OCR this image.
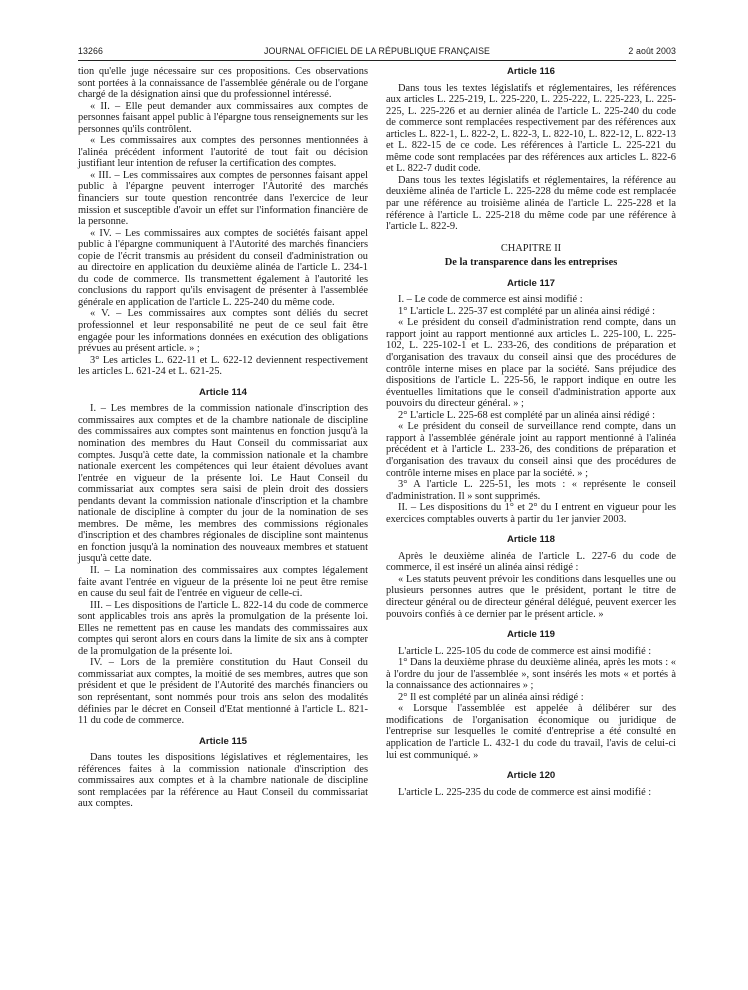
JOURNAL OFFICIEL DE LA RÉPUBLIQUE FRANÇAISE
13266	2 août 2003

tion qu'elle juge nécessaire sur ces propositions. Ces observations sont portées à la connaissance de l'assemblée générale ou de l'organe chargé de la désignation ainsi que du professionnel intéressé.

« II. – Elle peut demander aux commissaires aux comptes de personnes faisant appel public à l'épargne tous renseignements sur les personnes qu'ils contrôlent.

« Les commissaires aux comptes des personnes mentionnées à l'alinéa précédent informent l'autorité de tout fait ou décision justifiant leur intention de refuser la certification des comptes.

« III. – Les commissaires aux comptes de personnes faisant appel public à l'épargne peuvent interroger l'Autorité des marchés financiers sur toute question rencontrée dans l'exercice de leur mission et susceptible d'avoir un effet sur l'information financière de la personne.

« IV. – Les commissaires aux comptes de sociétés faisant appel public à l'épargne communiquent à l'Autorité des marchés financiers copie de l'écrit transmis au président du conseil d'administration ou au directoire en application du deuxième alinéa de l'article L. 234-1 du code de commerce. Ils transmettent également à l'autorité les conclusions du rapport qu'ils envisagent de présenter à l'assemblée générale en application de l'article L. 225-240 du même code.

« V. – Les commissaires aux comptes sont déliés du secret professionnel et leur responsabilité ne peut de ce seul fait être engagée pour les informations données en exécution des obligations prévues au présent article. » ;

3° Les articles L. 622-11 et L. 622-12 deviennent respectivement les articles L. 621-24 et L. 621-25.

Article 114

I. – Les membres de la commission nationale d'inscription des commissaires aux comptes et de la chambre nationale de discipline des commissaires aux comptes sont maintenus en fonction jusqu'à la nomination des membres du Haut Conseil du commissariat aux comptes. Jusqu'à cette date, la commission nationale et la chambre nationale exercent les compétences qui leur étaient dévolues avant l'entrée en vigueur de la présente loi. Le Haut Conseil du commissariat aux comptes sera saisi de plein droit des dossiers pendants devant la commission nationale d'inscription et la chambre nationale de discipline à compter du jour de la nomination de ses membres. De même, les membres des commissions régionales d'inscription et des chambres régionales de discipline sont maintenus en fonction jusqu'à la nomination des nouveaux membres et statuent jusqu'à cette date.

II. – La nomination des commissaires aux comptes légalement faite avant l'entrée en vigueur de la présente loi ne peut être remise en cause du seul fait de l'entrée en vigueur de celle-ci.

III. – Les dispositions de l'article L. 822-14 du code de commerce sont applicables trois ans après la promulgation de la présente loi. Elles ne remettent pas en cause les mandats des commissaires aux comptes qui seront alors en cours dans la limite de six ans à compter de la promulgation de la présente loi.

IV. – Lors de la première constitution du Haut Conseil du commissariat aux comptes, la moitié de ses membres, autres que son président et que le président de l'Autorité des marchés financiers ou son représentant, sont nommés pour trois ans selon des modalités définies par le décret en Conseil d'Etat mentionné à l'article L. 821-11 du code de commerce.

Article 115

Dans toutes les dispositions législatives et réglementaires, les références faites à la commission nationale d'inscription des commissaires aux comptes et à la chambre nationale de discipline sont remplacées par la référence au Haut Conseil du commissariat aux comptes.

Article 116

Dans tous les textes législatifs et réglementaires, les références aux articles L. 225-219, L. 225-220, L. 225-222, L. 225-223, L. 225-225, L. 225-226 et au dernier alinéa de l'article L. 225-240 du code de commerce sont remplacées respectivement par des références aux articles L. 822-1, L. 822-2, L. 822-3, L. 822-10, L. 822-12, L. 822-13 et L. 822-15 de ce code. Les références à l'article L. 225-221 du même code sont remplacées par des références aux articles L. 822-6 et L. 822-7 dudit code.

Dans tous les textes législatifs et réglementaires, la référence au deuxième alinéa de l'article L. 225-228 du même code est remplacée par une référence au troisième alinéa de l'article L. 225-228 et la référence à l'article L. 225-218 du même code par une référence à l'article L. 822-9.

CHAPITRE II
De la transparence dans les entreprises
Article 117

I. – Le code de commerce est ainsi modifié :

1° L'article L. 225-37 est complété par un alinéa ainsi rédigé :

« Le président du conseil d'administration rend compte, dans un rapport joint au rapport mentionné aux articles L. 225-100, L. 225-102, L. 225-102-1 et L. 233-26, des conditions de préparation et d'organisation des travaux du conseil ainsi que des procédures de contrôle interne mises en place par la société. Sans préjudice des dispositions de l'article L. 225-56, le rapport indique en outre les éventuelles limitations que le conseil d'administration apporte aux pouvoirs du directeur général. » ;

2° L'article L. 225-68 est complété par un alinéa ainsi rédigé :

« Le président du conseil de surveillance rend compte, dans un rapport à l'assemblée générale joint au rapport mentionné à l'alinéa précédent et à l'article L. 233-26, des conditions de préparation et d'organisation des travaux du conseil ainsi que des procédures de contrôle interne mises en place par la société. » ;

3° A l'article L. 225-51, les mots : « représente le conseil d'administration. Il » sont supprimés.

II. – Les dispositions du 1° et 2° du I entrent en vigueur pour les exercices comptables ouverts à partir du 1er janvier 2003.

Article 118

Après le deuxième alinéa de l'article L. 227-6 du code de commerce, il est inséré un alinéa ainsi rédigé :

« Les statuts peuvent prévoir les conditions dans lesquelles une ou plusieurs personnes autres que le président, portant le titre de directeur général ou de directeur général délégué, peuvent exercer les pouvoirs confiés à ce dernier par le présent article. »

Article 119

L'article L. 225-105 du code de commerce est ainsi modifié :

1° Dans la deuxième phrase du deuxième alinéa, après les mots : « à l'ordre du jour de l'assemblée », sont insérés les mots « et portés à la connaissance des actionnaires » ;

2° Il est complété par un alinéa ainsi rédigé :

« Lorsque l'assemblée est appelée à délibérer sur des modifications de l'organisation économique ou juridique de l'entreprise sur lesquelles le comité d'entreprise a été consulté en application de l'article L. 432-1 du code du travail, l'avis de celui-ci lui est communiqué. »

Article 120

L'article L. 225-235 du code de commerce est ainsi modifié :
